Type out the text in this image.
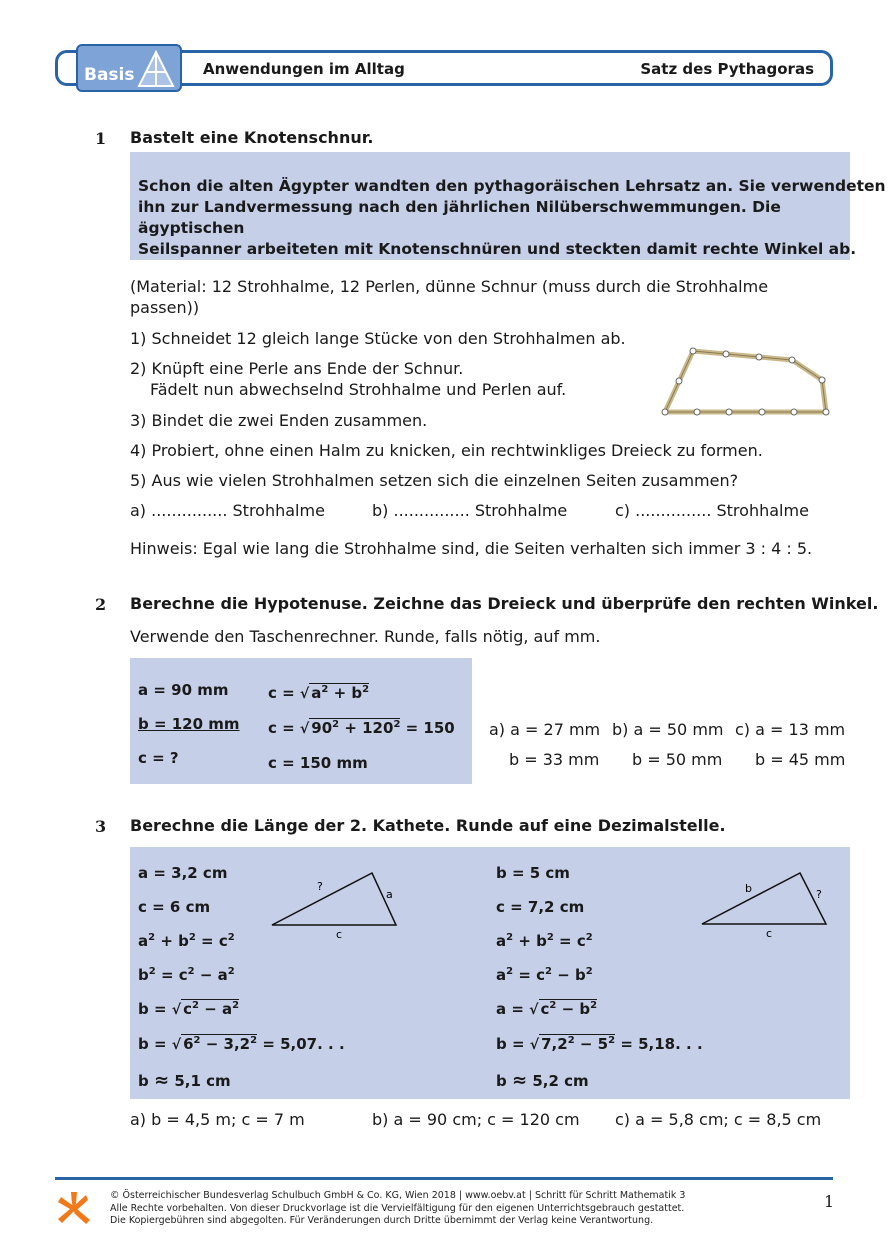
Basis	Anwendungen im Alltag	Satz des Pythagoras
1 Bastelt eine Knotenschnur.
Schon die alten Ägypter wandten den pythagoräischen Lehrsatz an. Sie verwendeten
ihn zur Landvermessung nach den jährlichen Nilüberschwemmungen. Die ägyptischen
Seilspanner arbeiteten mit Knotenschnüren und steckten damit rechte Winkel ab.
(Material: 12 Strohhalme, 12 Perlen, dünne Schnur (muss durch die Strohhalme
passen))
1) Schneidet 12 gleich lange Stücke von den Strohhalmen ab.
2) Knüpft eine Perle ans Ende der Schnur.
Fädelt nun abwechselnd Strohhalme und Perlen auf.
3) Bindet die zwei Enden zusammen.
4) Probiert, ohne einen Halm zu knicken, ein rechtwinkliges Dreieck zu formen.
5) Aus wie vielen Strohhalmen setzen sich die einzelnen Seiten zusammen?
a) ............... Strohhalme	b) ............... Strohhalme	c) ............... Strohhalme
Hinweis: Egal wie lang die Strohhalme sind, die Seiten verhalten sich immer 3 : 4 : 5.
2 Berechne die Hypotenuse. Zeichne das Dreieck und überprüfe den rechten Winkel.
Verwende den Taschenrechner. Runde, falls nötig, auf mm.
a = 90 mm
b = 120 mm
c = ?
c = √ $a^2 + b^2$
c = √ $90^2 + 120^2 = 150$
c = 150 mm
a) a = 27 mm b) a = 50 mm c) a = 13 mm
b = 33 mm b = 50 mm b = 45 mm
3 Berechne die Länge der 2. Kathete. Runde auf eine Dezimalstelle.
a = 3,2 cm
c = 6 cm
$a^2 + b^2 = c^2$
$b^2 = c^2 - a^2$
b = √ $c^2 - a^2$
b = √ $6^2 - 3,2^2 = 5,07$. . .
b ≈ 5,1 cm
?
a
c
b = 5 cm
c = 7,2 cm
$a^2 + b^2 = c^2$
$a^2 = c^2 - b^2$
a = √ $c^2 - b^2$
b = √ $7,2^2 - 5^2 = 5,18$. . .
b ≈ 5,2 cm
b	?
c
a) b = 4,5 m; c = 7 m	b) a = 90 cm; c = 120 cm c) a = 5,8 cm; c = 8,5 cm
© Österreichischer Bundesverlag Schulbuch GmbH & Co. KG, Wien 2018 | www.oebv.at | Schritt für Schritt Mathematik 3
Alle Rechte vorbehalten. Von dieser Druckvorlage ist die Vervielfältigung für den eigenen Unterrichtsgebrauch gestattet.
Die Kopiergebühren sind abgegolten. Für Veränderungen durch Dritte übernimmt der Verlag keine Verantwortung.
1
